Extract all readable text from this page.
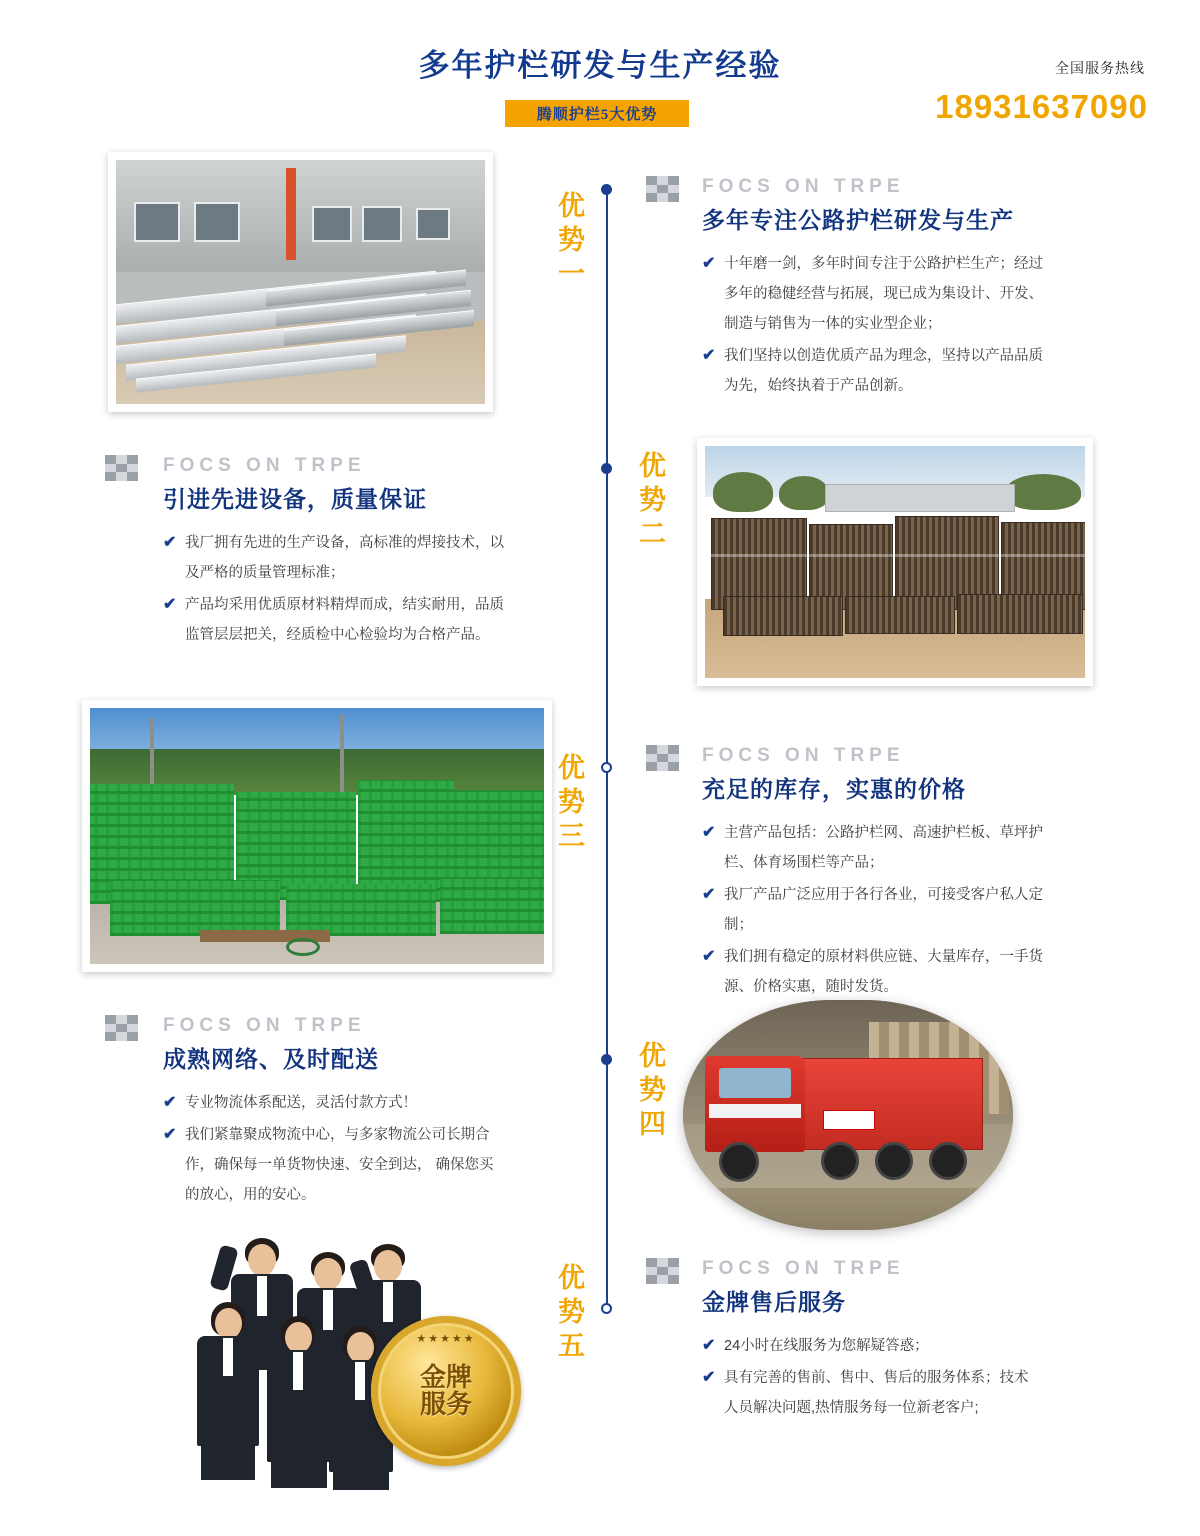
多年护栏研发与生产经验
腾顺护栏5大优势
全国服务热线
18931637090
优
势
一
FOCS ON TRPE
多年专注公路护栏研发与生产
✔ 十年磨一剑，多年时间专注于公路护栏生产；经过多年的稳健经营与拓展，现已成为集设计、开发、制造与销售为一体的实业型企业；
✔ 我们坚持以创造优质产品为理念，坚持以产品品质为先，始终执着于产品创新。
FOCS ON TRPE
引进先进设备，质量保证
✔ 我厂拥有先进的生产设备，高标准的焊接技术，以及严格的质量管理标准；
✔ 产品均采用优质原材料精焊而成，结实耐用，品质监管层层把关，经质检中心检验均为合格产品。
优
势
二
优
势
三
FOCS ON TRPE
充足的库存，实惠的价格
✔ 主营产品包括：公路护栏网、高速护栏板、草坪护栏、体育场围栏等产品；
✔ 我厂产品广泛应用于各行各业，可接受客户私人定制；
✔ 我们拥有稳定的原材料供应链、大量库存，一手货源、价格实惠，随时发货。
FOCS ON TRPE
成熟网络、及时配送
✔ 专业物流体系配送，灵活付款方式！
✔ 我们紧靠聚成物流中心，与多家物流公司长期合作，确保每一单货物快速、安全到达， 确保您买的放心，用的安心。
优
势
四
★★★★★
金牌
服务
优
势
五
FOCS ON TRPE
金牌售后服务
✔ 24小时在线服务为您解疑答惑；
✔ 具有完善的售前、售中、售后的服务体系；技术人员解决问题,热情服务每一位新老客户;
